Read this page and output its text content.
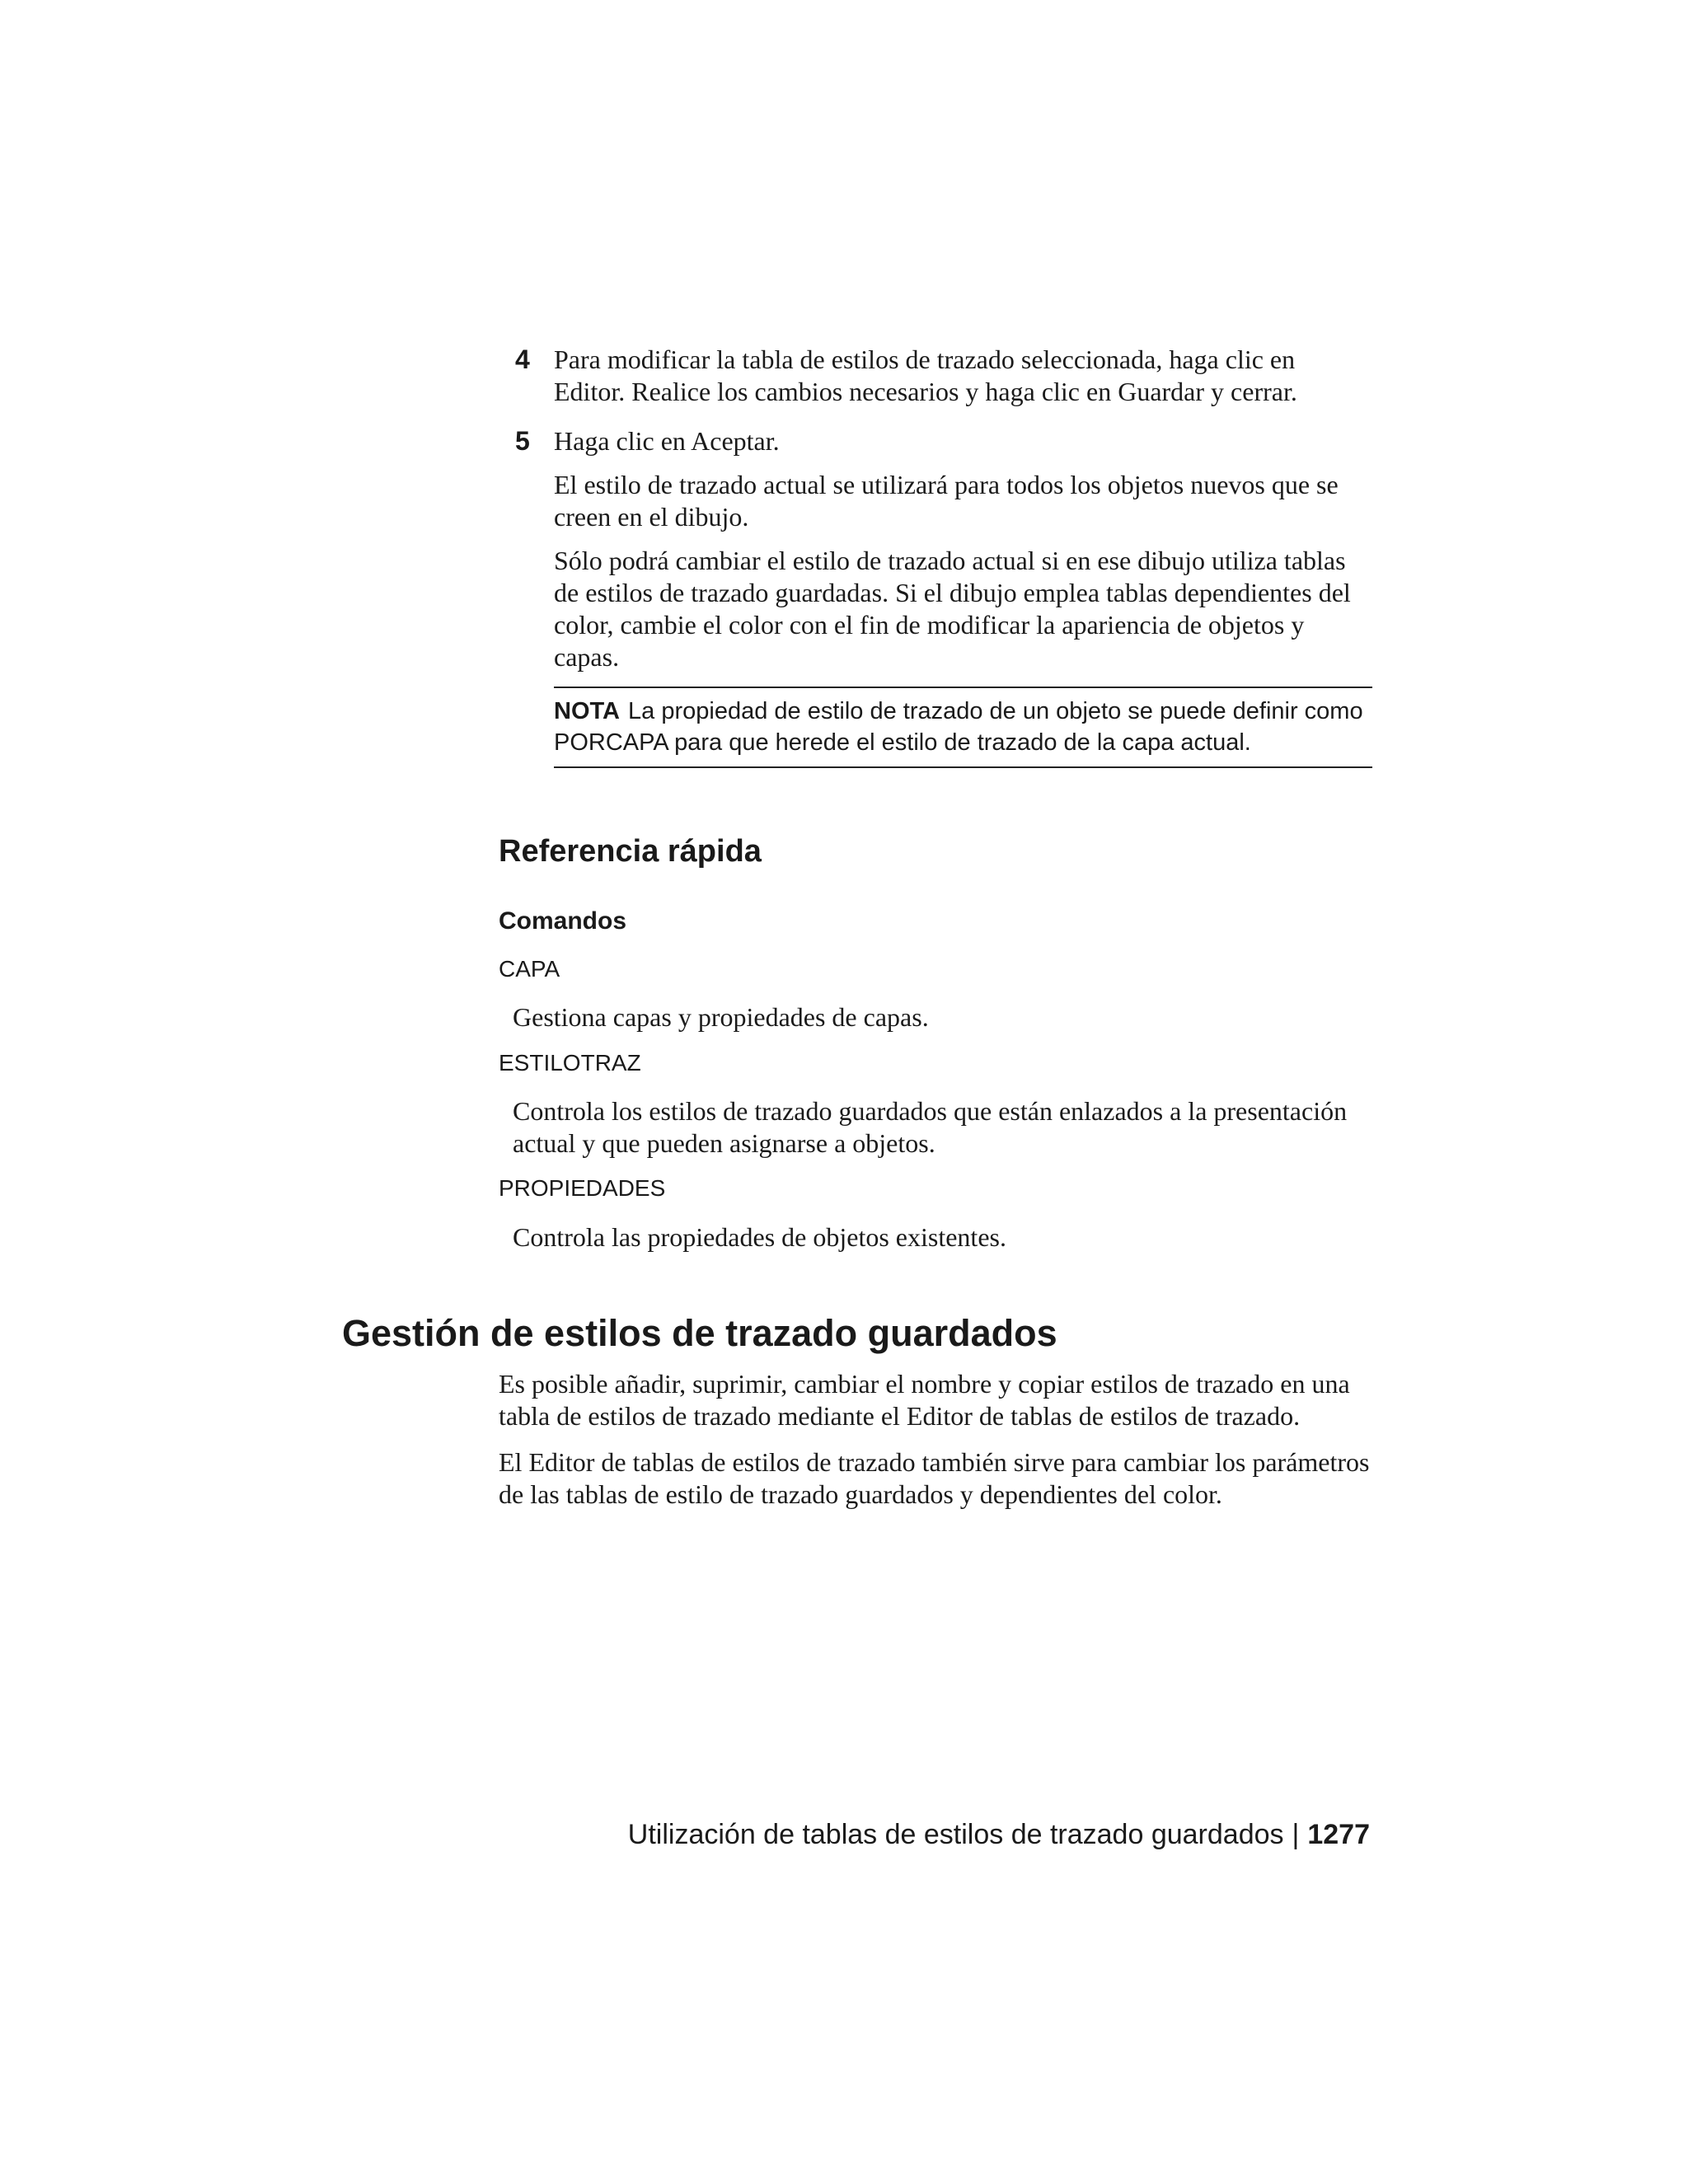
4 Para modificar la tabla de estilos de trazado seleccionada, haga clic en Editor. Realice los cambios necesarios y haga clic en Guardar y cerrar.

5 Haga clic en Aceptar.

El estilo de trazado actual se utilizará para todos los objetos nuevos que se creen en el dibujo.

Sólo podrá cambiar el estilo de trazado actual si en ese dibujo utiliza tablas de estilos de trazado guardadas. Si el dibujo emplea tablas dependientes del color, cambie el color con el fin de modificar la apariencia de objetos y capas.

NOTA La propiedad de estilo de trazado de un objeto se puede definir como PORCAPA para que herede el estilo de trazado de la capa actual.
Referencia rápida
Comandos
CAPA

Gestiona capas y propiedades de capas.

ESTILOTRAZ

Controla los estilos de trazado guardados que están enlazados a la presentación actual y que pueden asignarse a objetos.

PROPIEDADES

Controla las propiedades de objetos existentes.

Gestión de estilos de trazado guardados

Es posible añadir, suprimir, cambiar el nombre y copiar estilos de trazado en una tabla de estilos de trazado mediante el Editor de tablas de estilos de trazado.

El Editor de tablas de estilos de trazado también sirve para cambiar los parámetros de las tablas de estilo de trazado guardados y dependientes del color.

Utilización de tablas de estilos de trazado guardados | 1277
